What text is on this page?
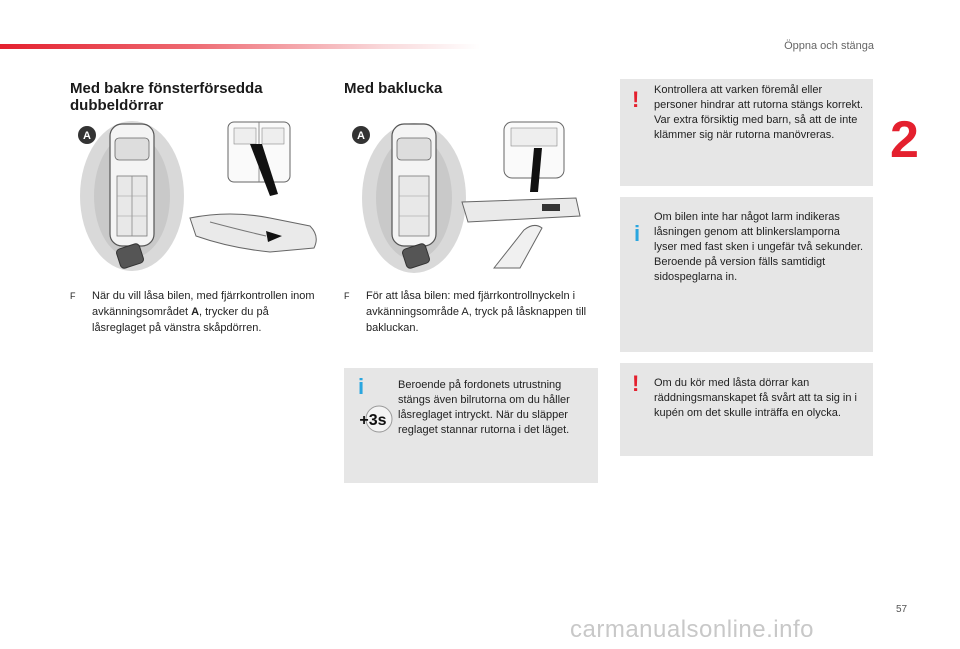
Öppna och stänga
2
Med bakre fönsterförsedda dubbeldörrar
A
F	När du vill låsa bilen, med fjärrkontrollen inom avkänningsområdet A, trycker du på låsreglaget på vänstra skåpdörren.
Med baklucka
A
F	För att låsa bilen: med fjärrkontrollnyckeln i avkänningsområde A, tryck på låsknappen till bakluckan.
i
+3s
Beroende på fordonets utrustning stängs även bilrutorna om du håller låsreglaget intryckt. När du släpper reglaget stannar rutorna i det läget.
! Kontrollera att varken föremål eller personer hindrar att rutorna stängs korrekt.
Var extra försiktig med barn, så att de inte klämmer sig när rutorna manövreras.
i
Om bilen inte har något larm indikeras låsningen genom att blinkerslamporna lyser med fast sken i ungefär två sekunder.
Beroende på version fälls samtidigt sidospeglarna in.
! Om du kör med låsta dörrar kan räddningsmanskapet få svårt att ta sig in i kupén om det skulle inträffa en olycka.
57
carmanualsonline.info
